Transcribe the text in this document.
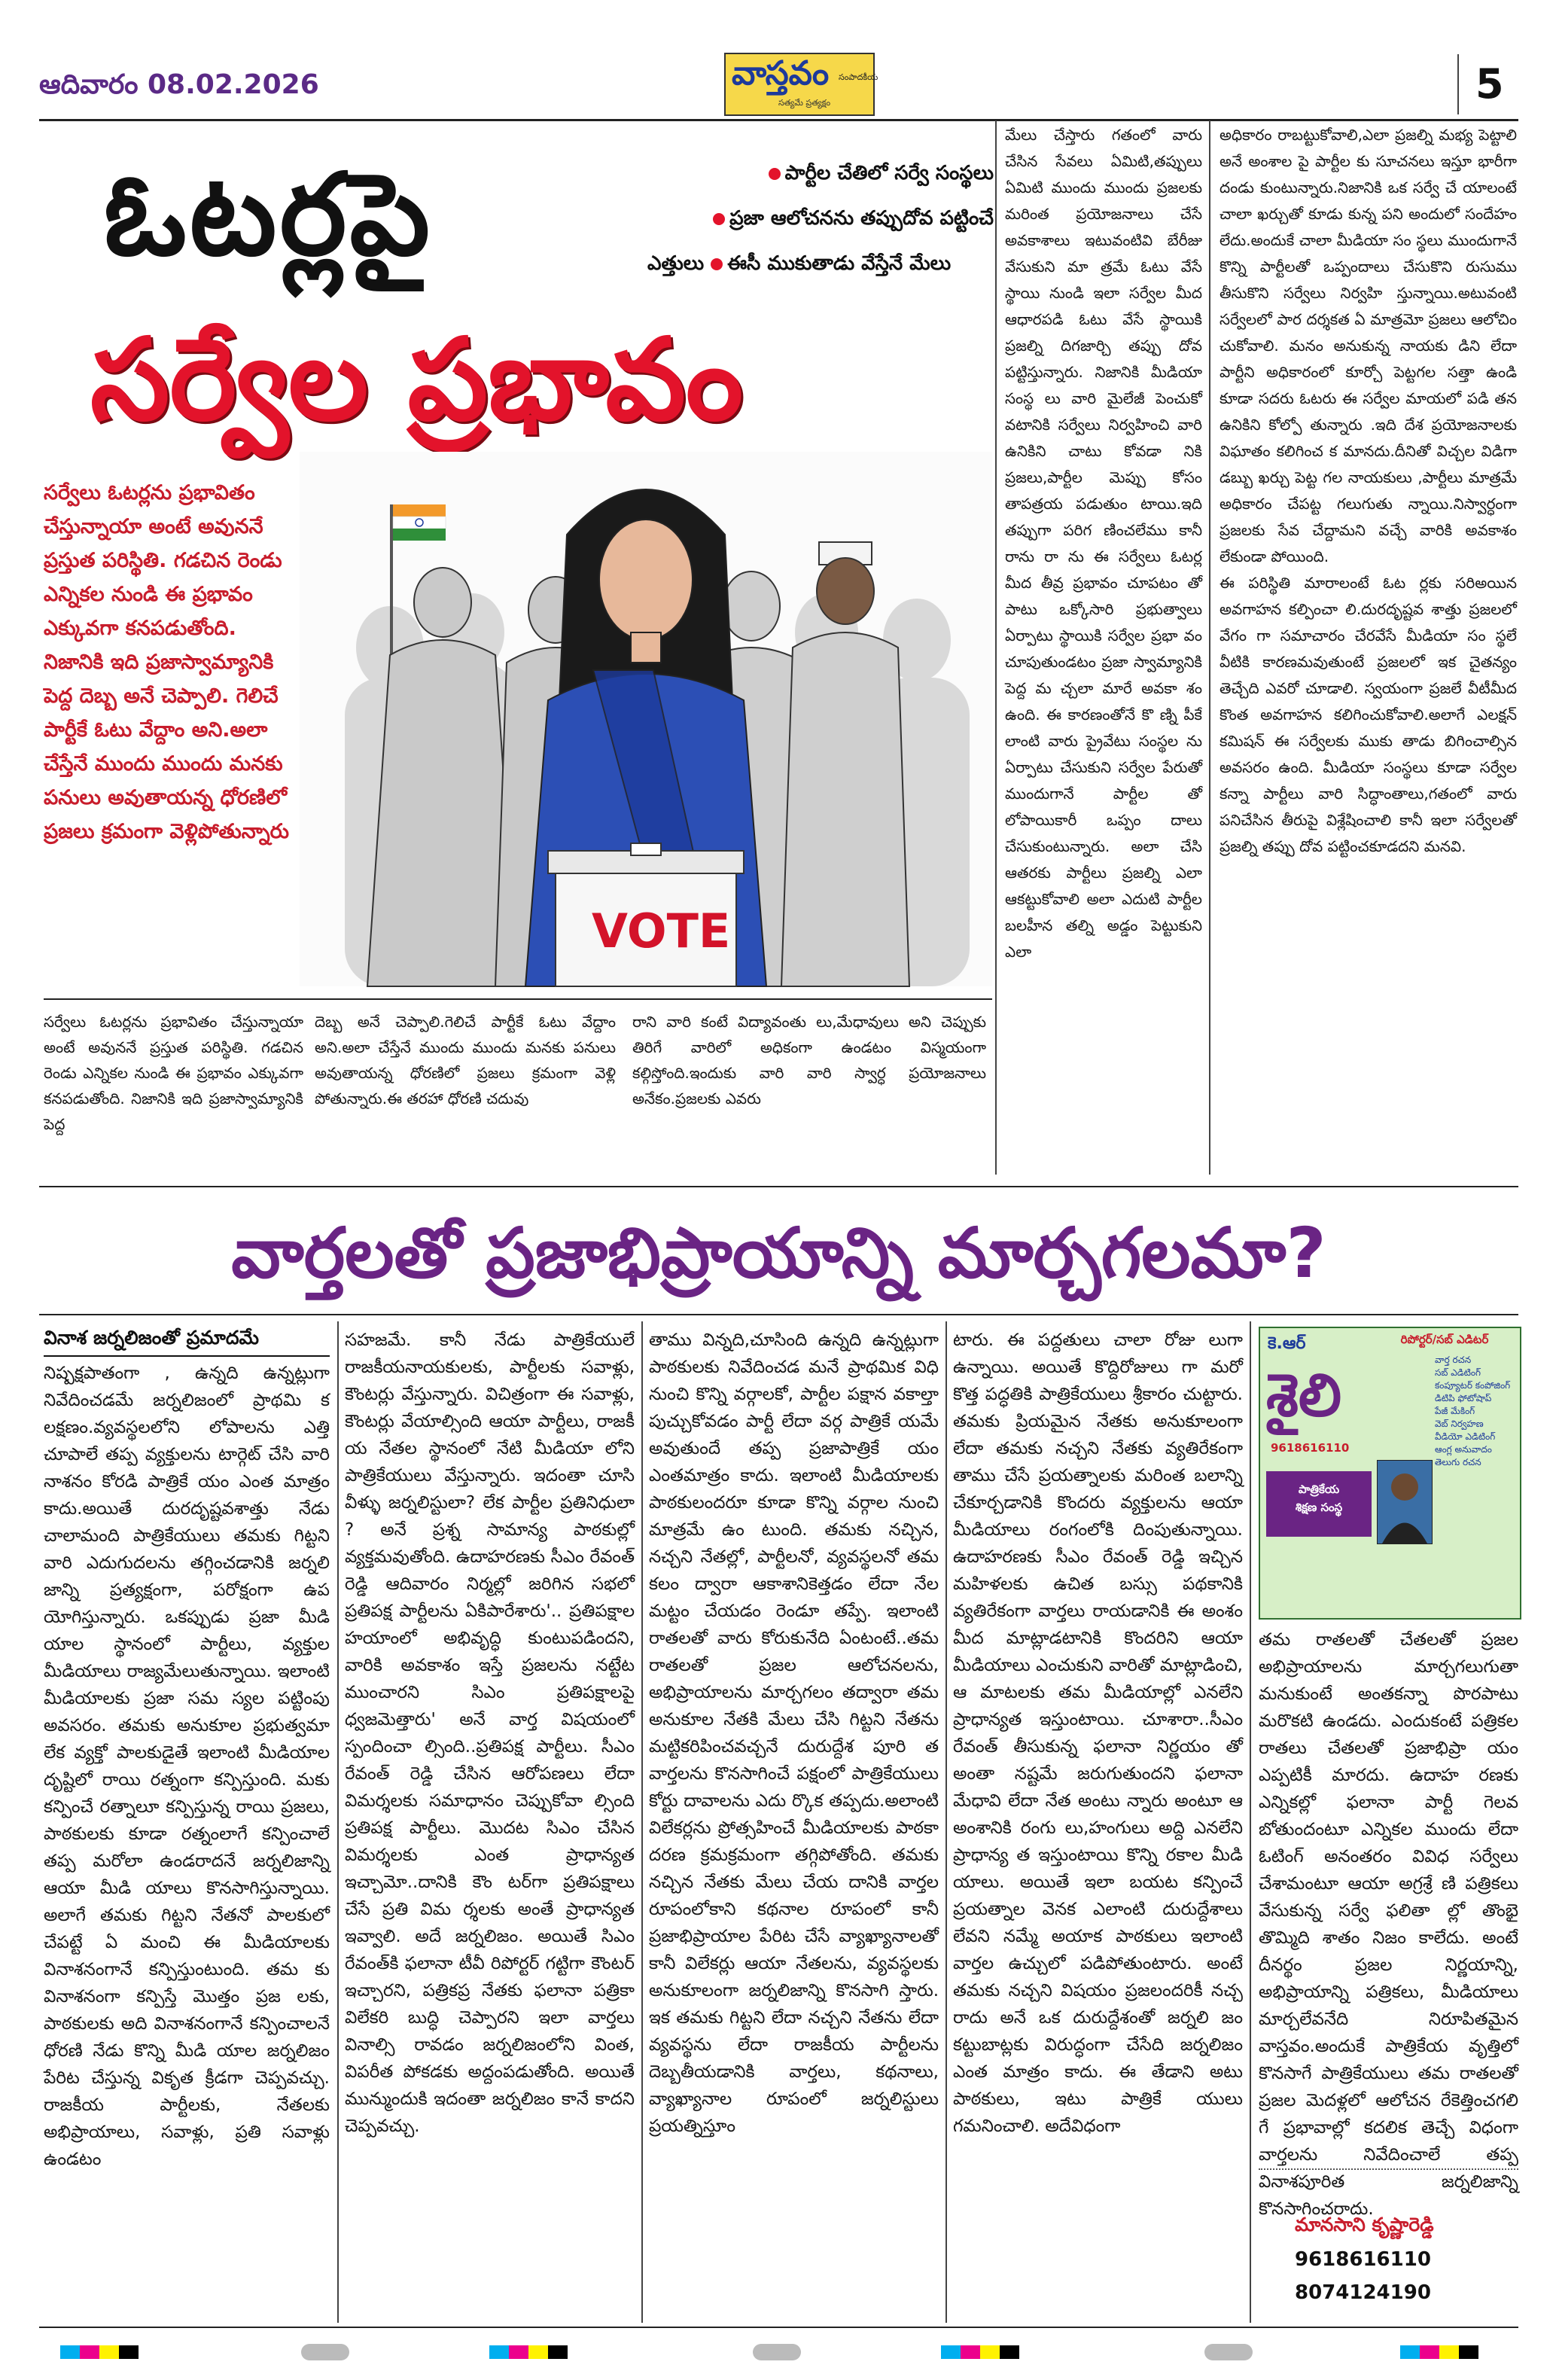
ఆదివారం 08.02.2026	వాస్తవం సంపాదకీయ
సత్యమే ప్రత్యక్షం	5
ఓటర్లపై
సర్వేల ప్రభావం
పార్టీల చేతిలో సర్వే సంస్థలు
ప్రజా ఆలోచనను తప్పుదోవ పట్టించే
ఎత్తులు ఈసీ ముకుతాడు వేస్తేనే మేలు
సర్వేలు ఓటర్లను ప్రభావితం చేస్తున్నాయా అంటే అవుననే ప్రస్తుత పరిస్థితి. గడచిన రెండు ఎన్నికల నుండి ఈ ప్రభావం ఎక్కువగా కనపడుతోంది. నిజానికి ఇది ప్రజాస్వామ్యానికి పెద్ద దెబ్బ అనే చెప్పాలి. గెలిచే పార్టీకే ఓటు వేద్దాం అని.అలా చేస్తేనే ముందు ముందు మనకు పనులు అవుతాయన్న ధోరణిలో ప్రజలు క్రమంగా వెళ్లిపోతున్నారు
VOTE
సర్వేలు ఓటర్లను ప్రభావితం చేస్తున్నాయా అంటే అవుననే ప్రస్తుత పరిస్థితి. గడచిన రెండు ఎన్నికల నుండి ఈ ప్రభావం ఎక్కువగా కనపడుతోంది. నిజానికి ఇది ప్రజాస్వామ్యానికి పెద్ద
దెబ్బ అనే చెప్పాలి.గెలిచే పార్టీకే ఓటు వేద్దాం అని.అలా చేస్తేనే ముందు ముందు మనకు పనులు అవుతాయన్న ధోరణిలో ప్రజలు క్రమంగా వెళ్లి పోతున్నారు.ఈ తరహా ధోరణి చదువు
రాని వారి కంటే విద్యావంతు లు,మేధావులు అని చెప్పుకు తిరిగే వారిలో అధికంగా ఉండటం విస్మయంగా కల్గిస్తోంది.ఇందుకు వారి వారి స్వార్ధ ప్రయోజనాలు అనేకం.ప్రజలకు ఎవరు
మేలు చేస్తారు గతంలో వారు చేసిన సేవలు ఏమిటి,తప్పులు ఏమిటి ముందు ముందు ప్రజలకు మరింత ప్రయోజనాలు చేసే అవకాశాలు ఇటువంటివి బేరీజు వేసుకుని మా త్రమే ఓటు వేసే స్థాయి నుండి ఇలా సర్వేల మీద ఆధారపడి ఓటు వేసే స్థాయికి ప్రజల్ని దిగజార్చి తప్పు దోవ పట్టిస్తున్నారు. నిజానికి మీడియా సంస్థ లు వారి మైలేజీ పెంచుకో వటానికి సర్వేలు నిర్వహించి వారి ఉనికిని చాటు కోవడా నికి ప్రజలు,పార్టీల మెప్పు కోసం తాపత్రయ పడుతుం టాయి.ఇది తప్పుగా పరిగ ణించలేము కానీ రాను రా ను ఈ సర్వేలు ఓటర్ల మీద తీవ్ర ప్రభావం చూపటం తో పాటు ఒక్కోసారి ప్రభుత్వాలు ఏర్పాటు స్థాయికి సర్వేల ప్రభా వం చూపుతుండటం ప్రజా స్వామ్యానికి పెద్ద మ చ్చలా మారే అవకా శం ఉంది. ఈ కారణంతోనే కొ ణ్ని పీకే లాంటి వారు ప్రైవేటు సంస్థల ను ఏర్పాటు చేసుకుని సర్వేల పేరుతో ముందుగానే పార్టీల తో లోపాయికారీ ఒప్పం దాలు చేసుకుంటున్నారు. అలా చేసి ఆతరకు పార్టీలు ప్రజల్ని ఎలా ఆకట్టుకోవాలి అలా ఎదుటి పార్టీల బలహీన తల్ని అడ్డం పెట్టుకుని ఎలా
అధికారం రాబట్టుకోవాలి,ఎలా ప్రజల్ని మభ్య పెట్టాలి అనే అంశాల పై పార్టీల కు సూచనలు ఇస్తూ భారీగా దండు కుంటున్నారు.నిజానికి ఒక సర్వే చే యాలంటే చాలా ఖర్చుతో కూడు కున్న పని అందులో సందేహం లేదు.అందుకే చాలా మీడియా సం స్థలు ముందుగానే కొన్ని పార్టీలతో ఒప్పందాలు చేసుకొని రుసుము తీసుకొని సర్వేలు నిర్వహి స్తున్నాయి.అటువంటి సర్వేలలో పార దర్శకత ఏ మాత్రమో ప్రజలు ఆలోచిం చుకోవాలి. మనం అనుకున్న నాయకు డిని లేదా పార్టీని అధికారంలో కూర్చో పెట్టగల సత్తా ఉండి కూడా సదరు ఓటరు ఈ సర్వేల మాయలో పడి తన ఉనికిని కోల్పో తున్నారు .ఇది దేశ ప్రయోజనాలకు విఘాతం కలిగించ క మానదు.దీనితో విచ్చల విడిగా డబ్బు ఖర్చు పెట్ట గల నాయకులు ,పార్టీలు మాత్రమే అధికారం చేపట్ట గలుగుతు న్నాయి.నిస్వార్ధంగా ప్రజలకు సేవ చేద్దామని వచ్చే వారికి అవకాశం లేకుండా పోయింది.
ఈ పరిస్థితి మారాలంటే ఓట ర్లకు సరిఅయిన అవగాహన కల్పించా లి.దురదృష్టవ శాత్తు ప్రజలలో వేగం గా సమాచారం చేరవేసే మీడియా సం స్థలే వీటికి కారణమవుతుంటే ప్రజలలో ఇక చైతన్యం తెచ్చేది ఎవరో చూడాలి. స్వయంగా ప్రజలే వీటీమీద కొంత అవగాహన కలిగించుకోవాలి.అలాగే ఎలక్షన్ కమిషన్ ఈ సర్వేలకు ముకు తాడు బిగించాల్సిన అవసరం ఉంది. మీడియా సంస్థలు కూడా సర్వేల కన్నా పార్టీలు వారి సిద్ధాంతాలు,గతంలో వారు పనిచేసిన తీరుపై విశ్లేషించాలి కానీ ఇలా సర్వేలతో ప్రజల్ని తప్పు దోవ పట్టించకూడదని మనవి.
వార్తలతో ప్రజాభిప్రాయాన్ని మార్చగలమా?
వినాశ జర్నలిజంతో ప్రమాదమే
నిష్పక్షపాతంగా , ఉన్నది ఉన్నట్లుగా నివేదించడమే జర్నలిజంలో ప్రాథమి క లక్షణం.వ్యవస్థలలోని లోపాలను ఎత్తి చూపాలే తప్ప వ్యక్తులను టార్గెట్ చేసి వారి నాశనం కోరడి పాత్రికే యం ఎంత మాత్రం కాదు.అయితే దురదృష్టవశాత్తు నేడు చాలామంది పాత్రికేయులు తమకు గిట్టని వారి ఎదుగుదలను తగ్గించడానికి జర్నలి జాన్ని ప్రత్యక్షంగా, పరోక్షంగా ఉప యోగిస్తున్నారు. ఒకప్పుడు ప్రజా మీడి యాల స్థానంలో పార్టీలు, వ్యక్తుల మీడియాలు రాజ్యమేలుతున్నాయి. ఇలాంటి మీడియాలకు ప్రజా సమ స్యల పట్టింపు అవసరం. తమకు అనుకూల ప్రభుత్వమా లేక వ్యక్తో పాలకుడైతే ఇలాంటి మీడియాల దృష్టిలో రాయి రత్నంగా కన్పిస్తుంది. మకు కన్పించే రత్నాలూ కన్పిస్తున్న రాయి ప్రజలు, పాఠకులకు కూడా రత్నంలాగే కన్పించాలే తప్ప మరోలా ఉండరాదనే జర్నలిజాన్ని ఆయా మీడి యాలు కొనసాగిస్తున్నాయి. అలాగే తమకు గిట్టని నేతనో పాలకులో చేపట్టే ఏ మంచి ఈ మీడియాలకు వినాశనంగానే కన్పిస్తుంటుంది. తమ కు వినాశనంగా కన్పిస్తే మొత్తం ప్రజ లకు, పాఠకులకు అది వినాశనంగానే కన్పించాలనే ధోరణి నేడు కొన్ని మీడి యాల జర్నలిజం పేరిట చేస్తున్న వికృత క్రీడగా చెప్పవచ్చు. రాజకీయ పార్టీలకు, నేతలకు అభిప్రాయాలు, సవాళ్లు, ప్రతి సవాళ్లు ఉండటం
సహజమే. కానీ నేడు పాత్రికేయులే రాజకీయనాయకులకు, పార్టీలకు సవాళ్లు, కౌంటర్లు వేస్తున్నారు. విచిత్రంగా ఈ సవాళ్లు, కౌంటర్లు వేయాల్సింది ఆయా పార్టీలు, రాజకీ య నేతల స్థానంలో నేటి మీడియా లోని పాత్రికేయులు వేస్తున్నారు. ఇదంతా చూసి వీళ్ళు జర్నలిస్టులా? లేక పార్టీల ప్రతినిధులా ? అనే ప్రశ్న సామాన్య పాఠకుల్లో వ్యక్తమవుతోంది. ఉదాహరణకు సీఎం రేవంత్ రెడ్డి ఆదివారం నిర్మల్లో జరిగిన సభలో ప్రతిపక్ష పార్టీలను ఏకిపారేశారు'.. ప్రతిపక్షాల హయాంలో అభివృద్ధి కుంటుపడిందని, వారికి అవకాశం ఇస్తే ప్రజలను నట్టేట ముంచారని సిఎం ప్రతిపక్షాలపై ధ్వజమెత్తారు' అనే వార్త విషయంలో స్పందించా ల్సింది..ప్రతిపక్ష పార్టీలు. సీఎం రేవంత్ రెడ్డి చేసిన ఆరోపణలు లేదా విమర్శలకు సమాధానం చెప్పుకోవా ల్సింది ప్రతిపక్ష పార్టీలు. మొదట సిఎం చేసిన విమర్శలకు ఎంత ప్రాధాన్యత ఇచ్చామో..దానికి కౌం టర్‌గా ప్రతిపక్షాలు చేసే ప్రతి విమ ర్శలకు అంతే ప్రాధాన్యత ఇవ్వాలి. అదే జర్నలిజం. అయితే సిఎం రేవంత్‌కి ఫలానా టీవీ రిపోర్టర్ గట్టిగా కౌంటర్ ఇచ్చారని, పత్రికప్ర నేతకు ఫలానా పత్రికా విలేకరి బుద్ధి చెప్పారని ఇలా వార్తలు వినాల్సి రావడం జర్నలిజంలోని వింత, విపరీత పోకడకు అద్దంపడుతోంది. అయితే మున్ముందుకి ఇదంతా జర్నలిజం కానే కాదని చెప్పవచ్చు.
తాము విన్నది,చూసింది ఉన్నది ఉన్నట్లుగా పాఠకులకు నివేదించడ మనే ప్రాథమిక విధి నుంచి కొన్ని వర్గాలకో, పార్టీల పక్షాన వకాల్తా పుచ్చుకోవడం పార్టీ లేదా వర్గ పాత్రికే యమే అవుతుందే తప్ప ప్రజాపాత్రికే యం ఎంతమాత్రం కాదు. ఇలాంటి మీడియాలకు పాఠకులందరూ కూడా కొన్ని వర్గాల నుంచి మాత్రమే ఉం టుంది. తమకు నచ్చిన, నచ్చని నేతల్లో, పార్టీలనో, వ్యవస్థలనో తమ కలం ద్వారా ఆకాశానికెత్తడం లేదా నేల మట్టం చేయడం రెండూ తప్పే. ఇలాంటి రాతలతో వారు కోరుకునేది ఏంటంటే..తమ రాతలతో ప్రజల ఆలోచనలను, అభిప్రాయాలను మార్చగలం తద్వారా తమ అనుకూల నేతకి మేలు చేసి గిట్టని నేతను మట్టికరిపించవచ్చనే దురుద్దేశ పూరి త వార్తలను కొనసాగించే పక్షంలో పాత్రికేయులు కోర్టు దావాలను ఎదు ర్కొక తప్పదు.అలాంటి విలేకర్లను ప్రోత్సహించే మీడియాలకు పాఠకా దరణ క్రమక్రమంగా తగ్గిపోతోంది. తమకు నచ్చిన నేతకు మేలు చేయ దానికి వార్తల రూపంలోకాని కథనాల రూపంలో కానీ ప్రజాభిప్రాయాల పేరిట చేసే వ్యాఖ్యానాలతో కానీ విలేకర్లు ఆయా నేతలను, వ్యవస్థలకు అనుకూలంగా జర్నలిజాన్ని కొనసాగి స్తారు. ఇక తమకు గిట్టని లేదా నచ్చని నేతను లేదా వ్యవస్థను లేదా రాజకీయ పార్టీలను దెబ్బతీయడానికి వార్తలు, కథనాలు, వ్యాఖ్యానాల రూపంలో జర్నలిస్టులు ప్రయత్నిస్తూం
టారు. ఈ పద్దతులు చాలా రోజు లుగా ఉన్నాయి. అయితే కొద్దిరోజులు గా మరో కొత్త పద్ధతికి పాత్రికేయులు శ్రీకారం చుట్టారు. తమకు ప్రియమైన నేతకు అనుకూలంగా లేదా తమకు నచ్చని నేతకు వ్యతిరేకంగా తాము చేసే ప్రయత్నాలకు మరింత బలాన్ని చేకూర్చడానికి కొందరు వ్యక్తులను ఆయా మీడియాలు రంగంలోకి దింపుతున్నాయి. ఉదాహరణకు సీఎం రేవంత్ రెడ్డి ఇచ్చిన మహిళలకు ఉచిత బస్సు పథకానికి వ్యతిరేకంగా వార్తలు రాయడానికి ఈ అంశం మీద మాట్లాడటానికి కొందరిని ఆయా మీడియాలు ఎంచుకుని వారితో మాట్లాడించి, ఆ మాటలకు తమ మీడియాల్లో ఎనలేని ప్రాధాన్యత ఇస్తుంటాయి. చూశారా..సీఎం రేవంత్ తీసుకున్న ఫలానా నిర్ణయం తో అంతా నష్టమే జరుగుతుందని ఫలానా మేధావి లేదా నేత అంటు న్నారు అంటూ ఆ అంశానికి రంగు లు,హంగులు అద్ది ఎనలేని ప్రాధాన్య త ఇస్తుంటాయి కొన్ని రకాల మీడి యాలు. అయితే ఇలా బయట కన్పించే ప్రయత్నాల వెనక ఎలాంటి దురుద్దేశాలు లేవని నమ్మే అయాక పాఠకులు ఇలాంటి వార్తల ఉచ్చులో పడిపోతుంటారు. అంటే తమకు నచ్చని విషయం ప్రజలందరికీ నచ్చ రాదు అనే ఒక దురుద్దేశంతో జర్నలి జం కట్టుబాట్లకు విరుద్ధంగా చేసేది జర్నలిజం ఎంత మాత్రం కాదు. ఈ తేడాని అటు పాఠకులు, ఇటు పాత్రికే యులు గమనించాలి. అదేవిధంగా
కె.ఆర్
శైలి
9618616110
పాత్రికేయ
శిక్షణ సంస్థ
రిపోర్టర్/సబ్ ఎడిటర్
వార్త రచన
సబ్ ఎడిటింగ్
కంప్యూటర్ కంపోజింగ్
డిటిపి ఫోటోషాప్
పేజీ మేకింగ్
వెబ్ నిర్వహణ
వీడియో ఎడిటింగ్
ఆంగ్ల అనువాదం
తెలుగు రచన
తమ రాతలతో చేతలతో ప్రజల అభిప్రాయాలను మార్చగలుగుతా మనుకుంటే అంతకన్నా పొరపాటు మరొకటి ఉండదు. ఎందుకంటే పత్రికల రాతలు చేతలతో ప్రజాభిప్రా యం ఎప్పటికీ మారదు. ఉదాహ రణకు ఎన్నికల్లో ఫలానా పార్టీ గెలవ బోతుందంటూ ఎన్నికల ముందు లేదా ఓటింగ్ అనంతరం వివిధ సర్వేలు చేశామంటూ ఆయా అగ్రశ్రే ణి పత్రికలు వేసుకున్న సర్వే ఫలితా ల్లో తొంభై తొమ్మిది శాతం నిజం కాలేదు. అంటే దీనర్థం ప్రజల నిర్ణయాన్ని, అభిప్రాయాన్ని పత్రికలు, మీడియాలు మార్చలేవనేది నిరూపితమైన వాస్తవం.అందుకే పాత్రికేయ వృత్తిలో కొనసాగే పాత్రికేయులు తమ రాతలతో ప్రజల మెదళ్లలో ఆలోచన రేకెత్తించగలి గే ప్రభావాల్లో కదలిక తెచ్చే విధంగా వార్తలను నివేదించాలే తప్ప వినాశపూరిత జర్నలిజాన్ని కొనసాగించరాదు.
మానసాని కృష్ణారెడ్డి
9618616110
8074124190
